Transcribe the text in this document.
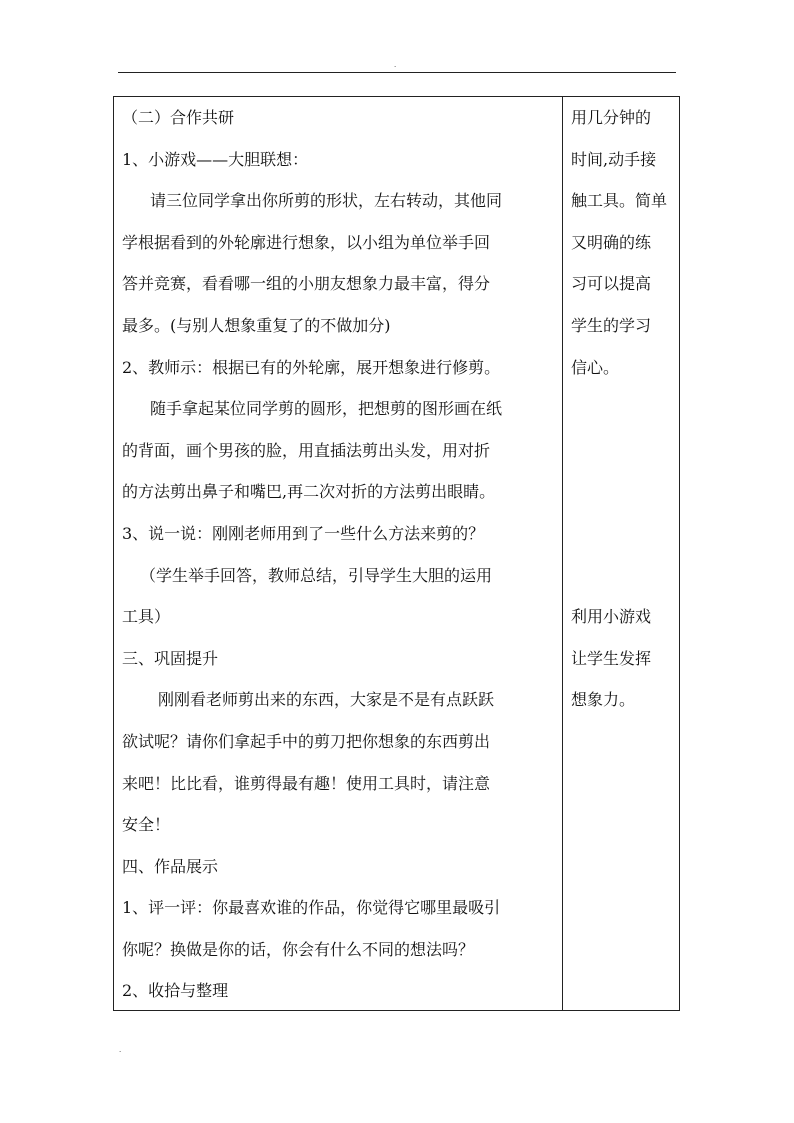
.
（二）合作共研
1、小游戏——大胆联想：
请三位同学拿出你所剪的形状，左右转动，其他同
学根据看到的外轮廓进行想象，以小组为单位举手回
答并竞赛，看看哪一组的小朋友想象力最丰富，得分
最多。(与别人想象重复了的不做加分)
2、教师示：根据已有的外轮廓，展开想象进行修剪。
随手拿起某位同学剪的圆形，把想剪的图形画在纸
的背面，画个男孩的脸，用直插法剪出头发，用对折
的方法剪出鼻子和嘴巴,再二次对折的方法剪出眼睛。
3、说一说：刚刚老师用到了一些什么方法来剪的？
（学生举手回答，教师总结，引导学生大胆的运用
工具）
三、巩固提升
刚刚看老师剪出来的东西，大家是不是有点跃跃
欲试呢？请你们拿起手中的剪刀把你想象的东西剪出
来吧！比比看，谁剪得最有趣！使用工具时，请注意
安全！
四、作品展示
1、评一评：你最喜欢谁的作品，你觉得它哪里最吸引
你呢？换做是你的话，你会有什么不同的想法吗？
2、收拾与整理
用几分钟的
时间,动手接
触工具。简单
又明确的练
习可以提高
学生的学习
信心。
利用小游戏
让学生发挥
想象力。
.
